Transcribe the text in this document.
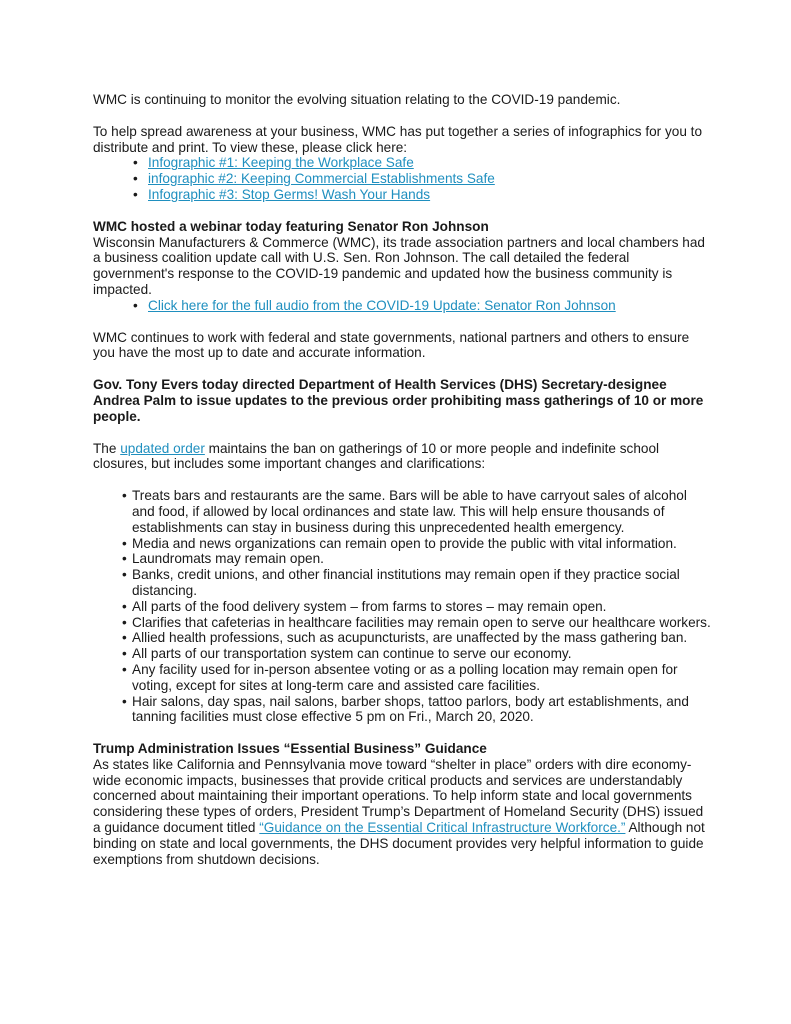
WMC is continuing to monitor the evolving situation relating to the COVID-19 pandemic.

To help spread awareness at your business, WMC has put together a series of infographics for you to distribute and print. To view these, please click here:

• Infographic #1: Keeping the Workplace Safe
• infographic #2: Keeping Commercial Establishments Safe
• Infographic #3: Stop Germs! Wash Your Hands
WMC hosted a webinar today featuring Senator Ron Johnson

Wisconsin Manufacturers & Commerce (WMC), its trade association partners and local chambers had a business coalition update call with U.S. Sen. Ron Johnson. The call detailed the federal government's response to the COVID-19 pandemic and updated how the business community is impacted.

• Click here for the full audio from the COVID-19 Update: Senator Ron Johnson

WMC continues to work with federal and state governments, national partners and others to ensure you have the most up to date and accurate information.

Gov. Tony Evers today directed Department of Health Services (DHS) Secretary-designee Andrea Palm to issue updates to the previous order prohibiting mass gatherings of 10 or more people.

The updated order maintains the ban on gatherings of 10 or more people and indefinite school closures, but includes some important changes and clarifications:

• Treats bars and restaurants are the same. Bars will be able to have carryout sales of alcohol and food, if allowed by local ordinances and state law. This will help ensure thousands of establishments can stay in business during this unprecedented health emergency.

• Media and news organizations can remain open to provide the public with vital information.

• Laundromats may remain open.

• Banks, credit unions, and other financial institutions may remain open if they practice social distancing.

• All parts of the food delivery system – from farms to stores – may remain open.

• Clarifies that cafeterias in healthcare facilities may remain open to serve our healthcare workers.

• Allied health professions, such as acupuncturists, are unaffected by the mass gathering ban.

• All parts of our transportation system can continue to serve our economy.

• Any facility used for in-person absentee voting or as a polling location may remain open for voting, except for sites at long-term care and assisted care facilities.

• Hair salons, day spas, nail salons, barber shops, tattoo parlors, body art establishments, and tanning facilities must close effective 5 pm on Fri., March 20, 2020.

Trump Administration Issues “Essential Business” Guidance

As states like California and Pennsylvania move toward “shelter in place” orders with dire economy-wide economic impacts, businesses that provide critical products and services are understandably concerned about maintaining their important operations. To help inform state and local governments considering these types of orders, President Trump’s Department of Homeland Security (DHS) issued a guidance document titled “Guidance on the Essential Critical Infrastructure Workforce.” Although not binding on state and local governments, the DHS document provides very helpful information to guide exemptions from shutdown decisions.
